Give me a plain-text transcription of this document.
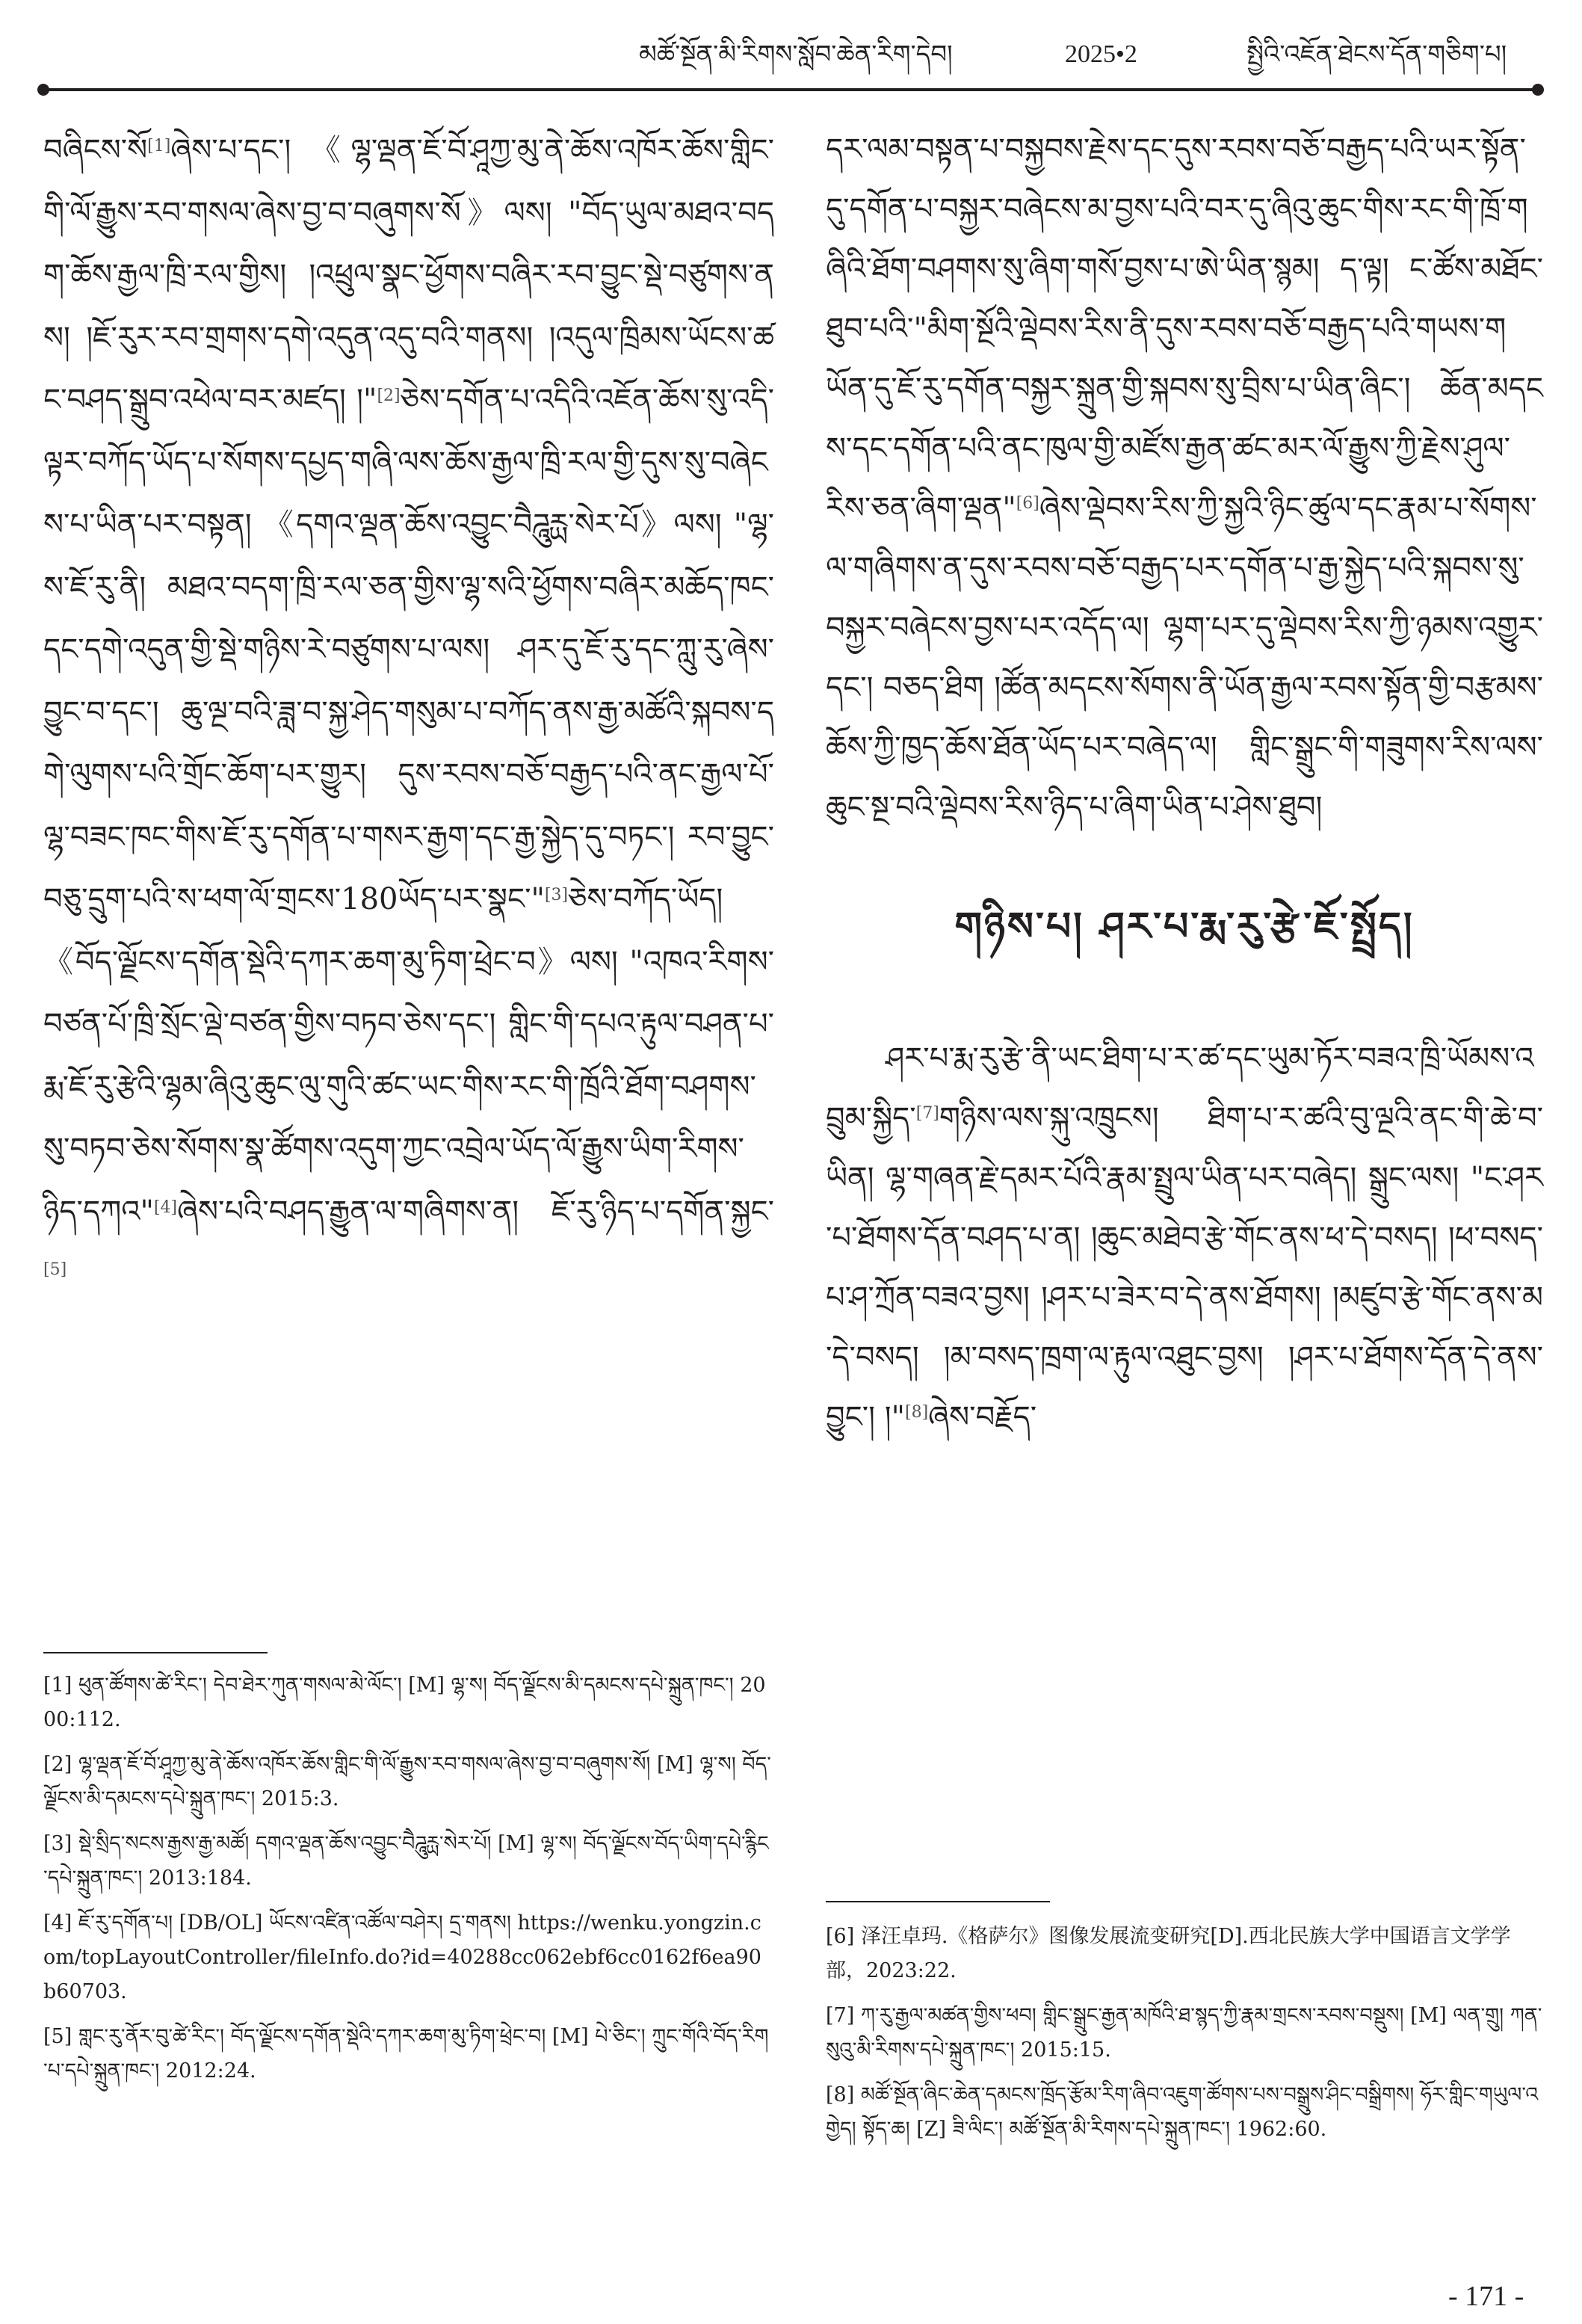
མཚོ་སྔོན་མི་རིགས་སློབ་ཆེན་རིག་དེབ།	2025•2	སྤྱིའི་འཇོན་ཐེངས་དོན་གཅིག་པ།

བཞིངས་སོ[1]ཞེས་པ་དང་། 《ལྷ་ལྡན་ཇོ་བོ་ཤཱཀྱ་མུ་ནེ་ཆོས་འཁོར་ཆོས་གླིང་གི་ལོ་རྒྱུས་རབ་གསལ་ཞེས་བྱ་བ་བཞུགས་སོ》ལས། "བོད་ཡུལ་མཐའ་བདག་ཆོས་རྒྱལ་ཁྲི་རལ་གྱིས། །འཕྲུལ་སྣང་ཕྱོགས་བཞིར་རབ་བྱུང་སྡེ་བཙུགས་ནས། །ཇོ་རུར་རབ་གྲགས་དགེ་འདུན་འདུ་བའི་གནས། །འདུལ་ཁྲིམས་ཡོངས་ཚང་བཤད་སྒྲུབ་འཕེལ་བར་མཛད། །"[2]ཅེས་དགོན་པ་འདིའི་འཇོན་ཆོས་སུ་འདི་ལྟར་བཀོད་ཡོད་པ་སོགས་དཔྱད་གཞི་ལས་ཆོས་རྒྱལ་ཁྲི་རལ་གྱི་དུས་སུ་བཞེངས་པ་ཡིན་པར་བསྟན། 《དགའ་ལྡན་ཆོས་འབྱུང་བཻཌཱུརྻ་སེར་པོ》ལས། "ལྷ་ས་ཇོ་རུ་ནི། མཐའ་བདག་ཁྲི་རལ་ཅན་གྱིས་ལྷ་སའི་ཕྱོགས་བཞིར་མཆོད་ཁང་དང་དགེ་འདུན་གྱི་སྡེ་གཉིས་རེ་བཙུགས་པ་ལས། ཤར་དུ་ཇོ་རུ་དང་ཀླུ་རུ་ཞེས་བྱུང་བ་དང་། ཆུ་ལྔ་བའི་ཟླ་བ་སྐྱ་ཤེད་གསུམ་པ་བཀོད་ནས་རྒྱ་མཚོའི་སྐབས་དགེ་ལུགས་པའི་གྲོང་ཆོག་པར་གྱུར། དུས་རབས་བཅོ་བརྒྱད་པའི་ནང་རྒྱལ་པོ་ལྷ་བཟང་ཁང་གིས་ཇོ་རུ་དགོན་པ་གསར་རྒྱག་དང་རྒྱ་སྐྱེད་དུ་བཏང་། རབ་བྱུང་བཅུ་དྲུག་པའི་ས་ཕག་ལོ་གྲངས་180ཡོད་པར་སྣང་"[3]ཅེས་བཀོད་ཡོད། 《བོད་ལྗོངས་དགོན་སྡེའི་དཀར་ཆག་མུ་ཏིག་ཕྲེང་བ》ལས། "འཁའ་རིགས་བཙན་པོ་ཁྲི་སྲོང་ལྡེ་བཙན་གྱིས་བཏབ་ཅེས་དང་། གླིང་གི་དཔའ་རྟུལ་བཤན་པ་རྨ་ཇོ་རུ་རྩེའི་ལྷམ་ཞིའུ་ཆུང་ལུ་གུའི་ཚང་ཡང་གིས་རང་གི་ཁྲོའི་ཐོག་བཤགས་སུ་བཏབ་ཅེས་སོགས་སྣ་ཚོགས་འདུག་ཀྱང་འབྲེལ་ཡོད་ལོ་རྒྱུས་ཡིག་རིགས་ཉིད་དཀའ"[4]ཞེས་པའི་བཤད་རྒྱུན་ལ་གཞིགས་ན། ཇོ་རུ་ཉིད་པ་དགོན་སྐྱང་[5]

[1] ཕུན་ཚོགས་ཚེ་རིང་། དེབ་ཐེར་ཀུན་གསལ་མེ་ལོང་། [M] ལྷ་ས། བོད་ལྗོངས་མི་དམངས་དཔེ་སྐྲུན་ཁང་། 2000:112.

[2] ལྷ་ལྡན་ཇོ་བོ་ཤཱཀྱ་མུ་ནེ་ཆོས་འཁོར་ཆོས་གླིང་གི་ལོ་རྒྱུས་རབ་གསལ་ཞེས་བྱ་བ་བཞུགས་སོ། [M] ལྷ་ས། བོད་ལྗོངས་མི་དམངས་དཔེ་སྐྲུན་ཁང་། 2015:3.

[3] སྡེ་སྲིད་སངས་རྒྱས་རྒྱ་མཚོ། དགའ་ལྡན་ཆོས་འབྱུང་བཻཌཱུརྻ་སེར་པོ། [M] ལྷ་ས། བོད་ལྗོངས་བོད་ཡིག་དཔེ་རྙིང་དཔེ་སྐྲུན་ཁང་། 2013:184.

[4] ཇོ་རུ་དགོན་པ། [DB/OL] ཡོངས་འཛིན་འཚོལ་བཤེར། དྲ་གནས། https://wenku.yongzin.com/topLayoutController/fileInfo.do?id=40288cc062ebf6cc0162f6ea90b60703.

[5] གླང་རུ་ནོར་བུ་ཚེ་རིང་། བོད་ལྗོངས་དགོན་སྡེའི་དཀར་ཆག་མུ་ཏིག་ཕྲེང་བ། [M] པེ་ཅིང་། ཀྲུང་གོའི་བོད་རིག་པ་དཔེ་སྐྲུན་ཁང་། 2012:24.

དར་ལམ་བསྟན་པ་བསྐྱབས་རྗེས་དང་དུས་རབས་བཅོ་བརྒྱད་པའི་ཡར་སྟོན་དུ་དགོན་པ་བསྐྱར་བཞེངས་མ་བྱས་པའི་བར་དུ་ཞིའུ་ཆུང་གིས་རང་གི་ཁྲོ་གཞིའི་ཐོག་བཤགས་སུ་ཞིག་གསོ་བྱས་པ་ཨེ་ཡིན་སྙམ། ད་ལྟ། ང་ཚོས་མཐོང་ཐུབ་པའི་"མིག་སྔོའི་ལྡེབས་རིས་ནི་དུས་རབས་བཅོ་བརྒྱད་པའི་གཡས་གཡོན་དུ་ཇོ་རུ་དགོན་བསྐྱར་སྐྲུན་གྱི་སྐབས་སུ་བྲིས་པ་ཡིན་ཞིང་། ཆོན་མདངས་དང་དགོན་པའི་ནང་ཁུལ་གྱི་མཛོས་རྒྱན་ཚང་མར་ལོ་རྒྱུས་ཀྱི་རྗེས་ཤུལ་རིས་ཅན་ཞིག་ལྡན"[6]ཞེས་ལྡེབས་རིས་ཀྱི་སྐྱའི་ཉིང་ཚུལ་དང་རྣམ་པ་སོགས་ལ་གཞིགས་ན་དུས་རབས་བཅོ་བརྒྱད་པར་དགོན་པ་རྒྱ་སྐྱེད་པའི་སྐབས་སུ་བསྐྱར་བཞེངས་བྱས་པར་འདོད་ལ། ལྷག་པར་དུ་ལྡེབས་རིས་ཀྱི་ཉམས་འགྱུར་དང་། བཅད་ཐིག །ཚོན་མདངས་སོགས་ནི་ཡོན་རྒྱལ་རབས་སྟོན་གྱི་བརྩམས་ཆོས་ཀྱི་ཁྱད་ཆོས་ཐོན་ཡོད་པར་བཞེད་ལ། གླིང་སྒྲུང་གི་གཟུགས་རིས་ལས་ཆུང་སྔ་བའི་ལྡེབས་རིས་ཉིད་པ་ཞིག་ཡིན་པ་ཤེས་ཐུབ།

གཉིས་པ། ཤར་པ་རྨ་རུ་རྩེ་ཇོ་སྤྲོད།

ཤར་པ་རྨ་རུ་རྩེ་ནི་ཡང་ཐིག་པ་ར་ཚ་དང་ཡུམ་ཏོར་བཟའ་ཁྲི་ཡོམས་འབྲུམ་སྐྱིད་[7]གཉིས་ལས་སྐུ་འཁྲུངས། ཐིག་པ་ར་ཚའི་བུ་ལྔའི་ནང་གི་ཆེ་བ་ཡིན། ལྷ་གཞན་རྗེ་དམར་པོའི་རྣམ་སྤྲུལ་ཡིན་པར་བཞེད། སྒྲུང་ལས། "ང་ཤར་པ་ཐོགས་དོན་བཤད་པ་ན། །ཆུང་མཐེབ་རྩེ་གོང་ནས་ཕ་དེ་བསད། །ཕ་བསད་པ་ཤ་ཀྲོན་བཟའ་བྱས། །ཤར་པ་ཟེར་བ་དེ་ནས་ཐོགས། །མཛུབ་རྩེ་གོང་ནས་མ་དེ་བསད། །མ་བསད་ཁྲག་ལ་རྟུལ་འཐུང་བྱས། །ཤར་པ་ཐོགས་དོན་དེ་ནས་བྱུང་། །"[8]ཞེས་བརྗོད་

[6] 泽汪卓玛.《格萨尔》图像发展流变研究[D].西北民族大学中国语言文学学部，2023:22.

[7] ཀ་རུ་རྒྱལ་མཚན་གྱིས་ཕབ། གླིང་སྒྲུང་རྒྱན་མཁོའི་ཐ་སྙད་ཀྱི་རྣམ་གྲངས་རབས་བསྡུས། [M] ལན་གྲུ། ཀན་སུའུ་མི་རིགས་དཔེ་སྐྲུན་ཁང་། 2015:15.

[8] མཚོ་སྔོན་ཞིང་ཆེན་དམངས་ཁྲོད་རྩོམ་རིག་ཞིབ་འཇུག་ཚོགས་པས་བསྒྲུས་ཤིང་བསྒྲིགས། ཧོར་གླིང་གཡུལ་འགྱེད། སྟོད་ཆ། [Z] ཟི་ལིང་། མཚོ་སྔོན་མི་རིགས་དཔེ་སྐྲུན་ཁང་། 1962:60.

- 171 -
